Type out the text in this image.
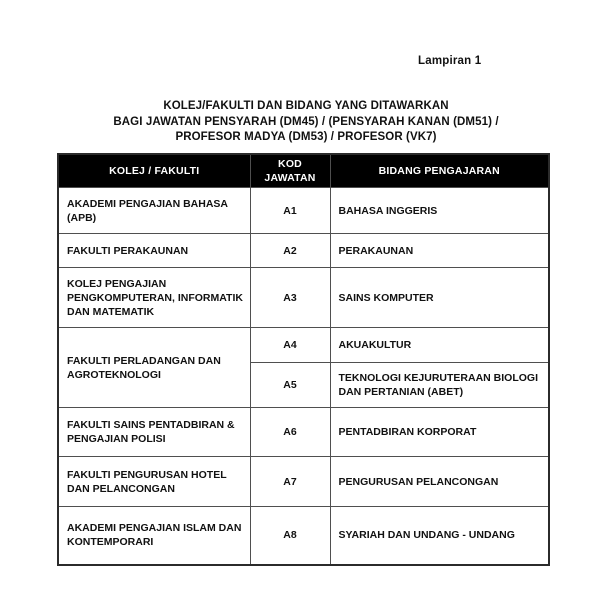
Lampiran 1
KOLEJ/FAKULTI DAN BIDANG YANG DITAWARKAN
BAGI JAWATAN PENSYARAH (DM45) / (PENSYARAH KANAN (DM51) /
PROFESOR MADYA (DM53) / PROFESOR (VK7)
KOLEJ / FAKULTI	KOD JAWATAN	BIDANG PENGAJARAN
AKADEMI PENGAJIAN BAHASA (APB)	A1	BAHASA INGGERIS
FAKULTI PERAKAUNAN	A2	PERAKAUNAN
KOLEJ PENGAJIAN PENGKOMPUTERAN, INFORMATIK DAN MATEMATIK	A3	SAINS KOMPUTER
FAKULTI PERLADANGAN DAN AGROTEKNOLOGI	A4	AKUAKULTUR
	A5	TEKNOLOGI KEJURUTERAAN BIOLOGI DAN PERTANIAN (ABET)
FAKULTI SAINS PENTADBIRAN & PENGAJIAN POLISI	A6	PENTADBIRAN KORPORAT
FAKULTI PENGURUSAN HOTEL DAN PELANCONGAN	A7	PENGURUSAN PELANCONGAN
AKADEMI PENGAJIAN ISLAM DAN KONTEMPORARI	A8	SYARIAH DAN UNDANG - UNDANG
